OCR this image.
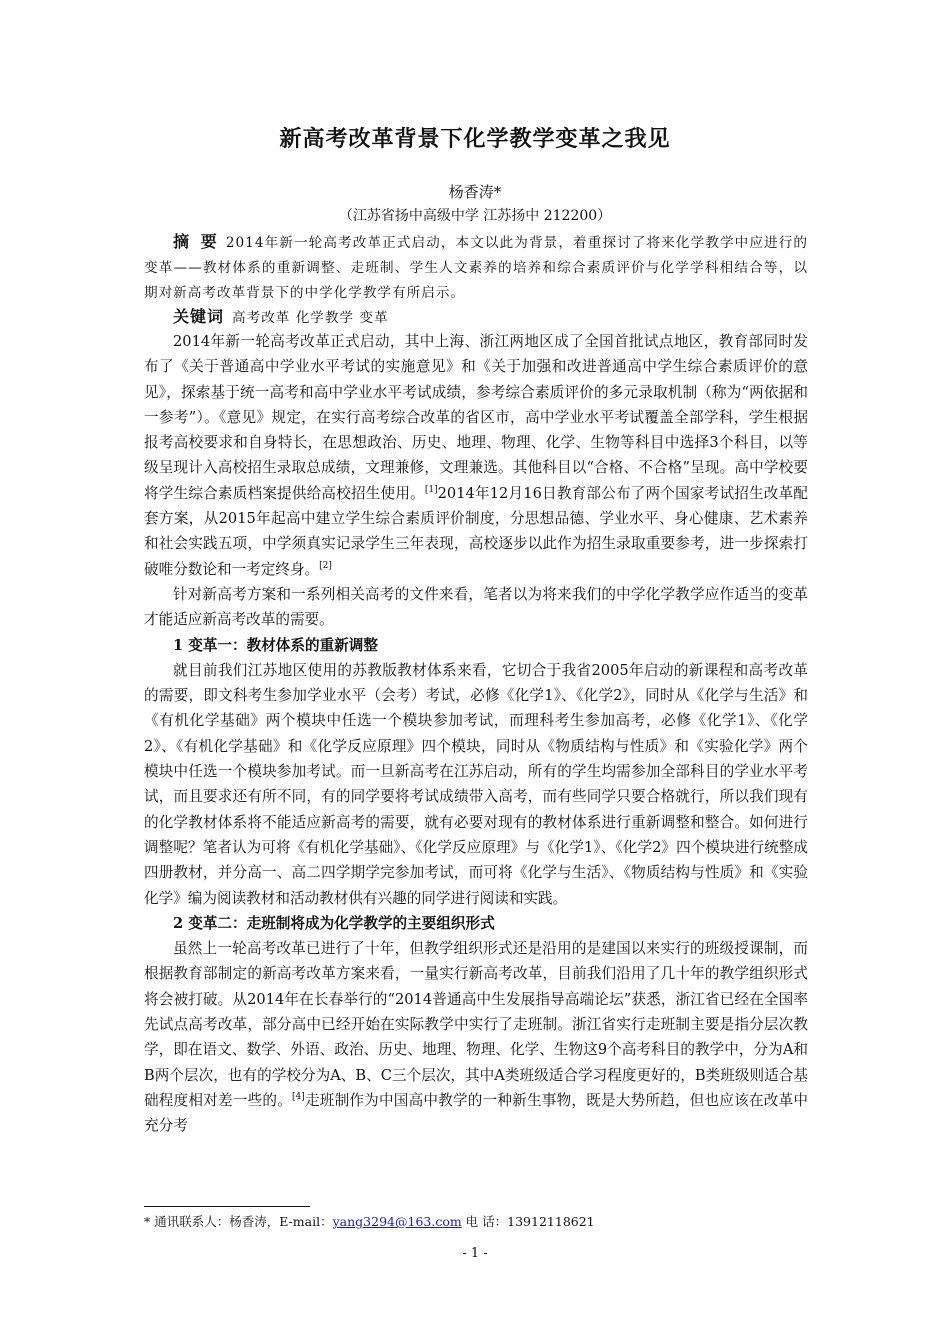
新高考改革背景下化学教学变革之我见
杨香涛*
（江苏省扬中高级中学 江苏扬中 212200）
摘 要 2014年新一轮高考改革正式启动，本文以此为背景，着重探讨了将来化学教学中应进行的变革——教材体系的重新调整、走班制、学生人文素养的培养和综合素质评价与化学学科相结合等，以期对新高考改革背景下的中学化学教学有所启示。
关键词 高考改革 化学教学 变革
2014年新一轮高考改革正式启动，其中上海、浙江两地区成了全国首批试点地区，教育部同时发布了《关于普通高中学业水平考试的实施意见》和《关于加强和改进普通高中学生综合素质评价的意见》，探索基于统一高考和高中学业水平考试成绩，参考综合素质评价的多元录取机制（称为“两依据和一参考”）。《意见》规定，在实行高考综合改革的省区市，高中学业水平考试覆盖全部学科，学生根据报考高校要求和自身特长，在思想政治、历史、地理、物理、化学、生物等科目中选择3个科目，以等级呈现计入高校招生录取总成绩，文理兼修，文理兼选。其他科目以“合格、不合格”呈现。高中学校要将学生综合素质档案提供给高校招生使用。[1]2014年12月16日教育部公布了两个国家考试招生改革配套方案，从2015年起高中建立学生综合素质评价制度，分思想品德、学业水平、身心健康、艺术素养和社会实践五项，中学须真实记录学生三年表现，高校逐步以此作为招生录取重要参考，进一步探索打破唯分数论和一考定终身。[2]
针对新高考方案和一系列相关高考的文件来看，笔者以为将来我们的中学化学教学应作适当的变革才能适应新高考改革的需要。
1 变革一：教材体系的重新调整
就目前我们江苏地区使用的苏教版教材体系来看，它切合于我省2005年启动的新课程和高考改革的需要，即文科考生参加学业水平（会考）考试，必修《化学1》、《化学2》，同时从《化学与生活》和《有机化学基础》两个模块中任选一个模块参加考试，而理科考生参加高考，必修《化学1》、《化学2》、《有机化学基础》和《化学反应原理》四个模块，同时从《物质结构与性质》和《实验化学》两个模块中任选一个模块参加考试。而一旦新高考在江苏启动，所有的学生均需参加全部科目的学业水平考试，而且要求还有所不同，有的同学要将考试成绩带入高考，而有些同学只要合格就行，所以我们现有的化学教材体系将不能适应新高考的需要，就有必要对现有的教材体系进行重新调整和整合。如何进行调整呢？笔者认为可将《有机化学基础》、《化学反应原理》与《化学1》、《化学2》四个模块进行统整成四册教材，并分高一、高二四学期学完参加考试，而可将《化学与生活》、《物质结构与性质》和《实验化学》编为阅读教材和活动教材供有兴趣的同学进行阅读和实践。
2 变革二：走班制将成为化学教学的主要组织形式
虽然上一轮高考改革已进行了十年，但教学组织形式还是沿用的是建国以来实行的班级授课制，而根据教育部制定的新高考改革方案来看，一量实行新高考改革，目前我们沿用了几十年的教学组织形式将会被打破。从2014年在长春举行的“2014普通高中生发展指导高端论坛”获悉，浙江省已经在全国率先试点高考改革，部分高中已经开始在实际教学中实行了走班制。浙江省实行走班制主要是指分层次教学，即在语文、数学、外语、政治、历史、地理、物理、化学、生物这9个高考科目的教学中，分为A和B两个层次，也有的学校分为A、B、C三个层次，其中A类班级适合学习程度更好的，B类班级则适合基础程度相对差一些的。[4]走班制作为中国高中教学的一种新生事物，既是大势所趋，但也应该在改革中充分考
* 通讯联系人：杨香涛，E-mail：yang3294@163.com 电 话：13912118621
- 1 -
